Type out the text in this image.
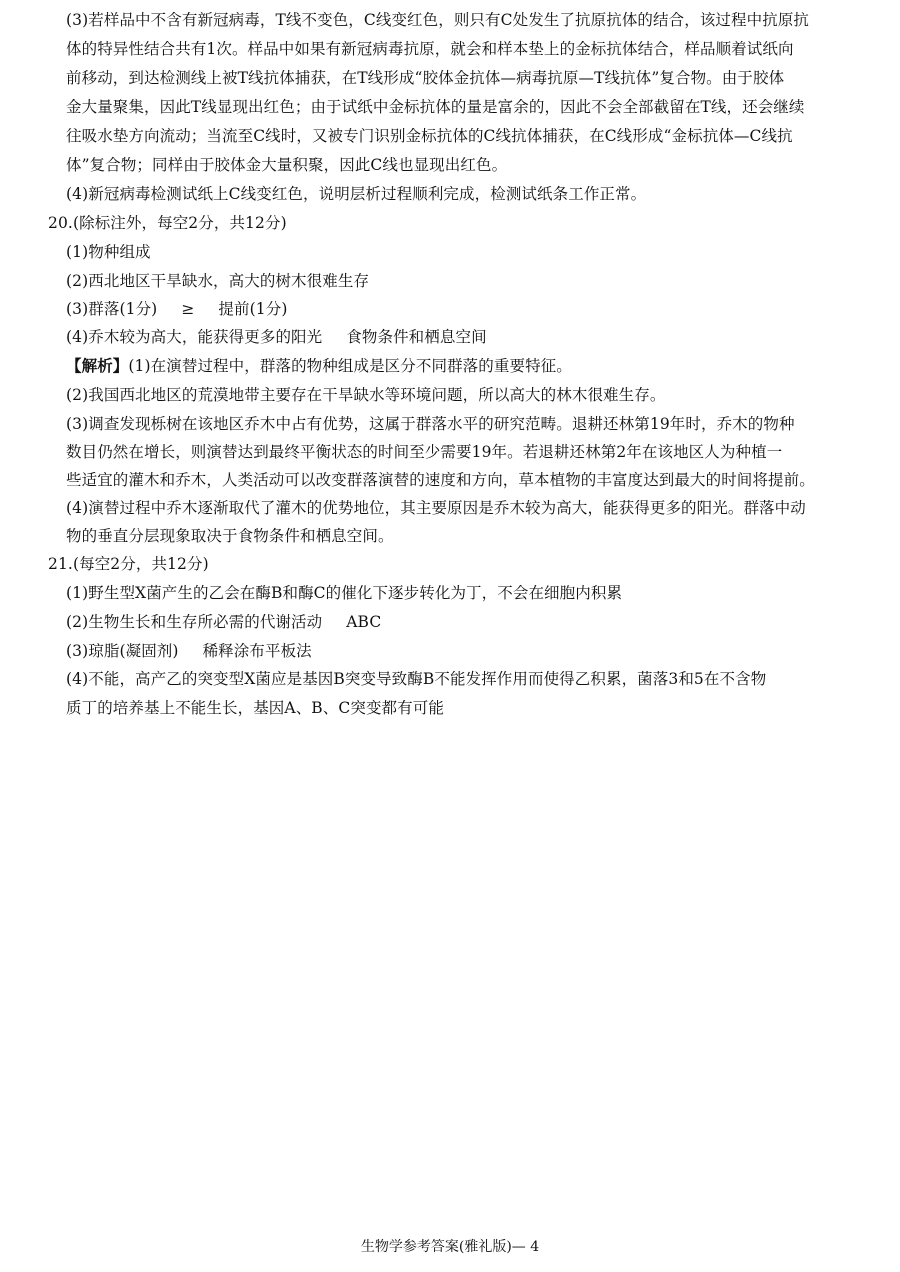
(3)若样品中不含有新冠病毒，T线不变色，C线变红色，则只有C处发生了抗原抗体的结合，该过程中抗原抗

体的特异性结合共有1次。样品中如果有新冠病毒抗原，就会和样本垫上的金标抗体结合，样品顺着试纸向

前移动，到达检测线上被T线抗体捕获，在T线形成“胶体金抗体—病毒抗原—T线抗体”复合物。由于胶体

金大量聚集，因此T线显现出红色；由于试纸中金标抗体的量是富余的，因此不会全部截留在T线，还会继续

往吸水垫方向流动；当流至C线时，又被专门识别金标抗体的C线抗体捕获，在C线形成“金标抗体—C线抗

体”复合物；同样由于胶体金大量积聚，因此C线也显现出红色。

(4)新冠病毒检测试纸上C线变红色，说明层析过程顺利完成，检测试纸条工作正常。

20.(除标注外，每空2分，共12分)

(1)物种组成

(2)西北地区干旱缺水，高大的树木很难生存

(3)群落(1分) ≥ 提前(1分)

(4)乔木较为高大，能获得更多的阳光 食物条件和栖息空间

【解析】(1)在演替过程中，群落的物种组成是区分不同群落的重要特征。

(2)我国西北地区的荒漠地带主要存在干旱缺水等环境问题，所以高大的林木很难生存。

(3)调查发现栎树在该地区乔木中占有优势，这属于群落水平的研究范畴。退耕还林第19年时，乔木的物种

数目仍然在增长，则演替达到最终平衡状态的时间至少需要19年。若退耕还林第2年在该地区人为种植一

些适宜的灌木和乔木，人类活动可以改变群落演替的速度和方向，草本植物的丰富度达到最大的时间将提前。

(4)演替过程中乔木逐渐取代了灌木的优势地位，其主要原因是乔木较为高大，能获得更多的阳光。群落中动

物的垂直分层现象取决于食物条件和栖息空间。

21.(每空2分，共12分)

(1)野生型X菌产生的乙会在酶B和酶C的催化下逐步转化为丁，不会在细胞内积累

(2)生物生长和生存所必需的代谢活动 ABC

(3)琼脂(凝固剂) 稀释涂布平板法

(4)不能，高产乙的突变型X菌应是基因B突变导致酶B不能发挥作用而使得乙积累，菌落3和5在不含物

质丁的培养基上不能生长，基因A、B、C突变都有可能

生物学参考答案(雅礼版)— 4
